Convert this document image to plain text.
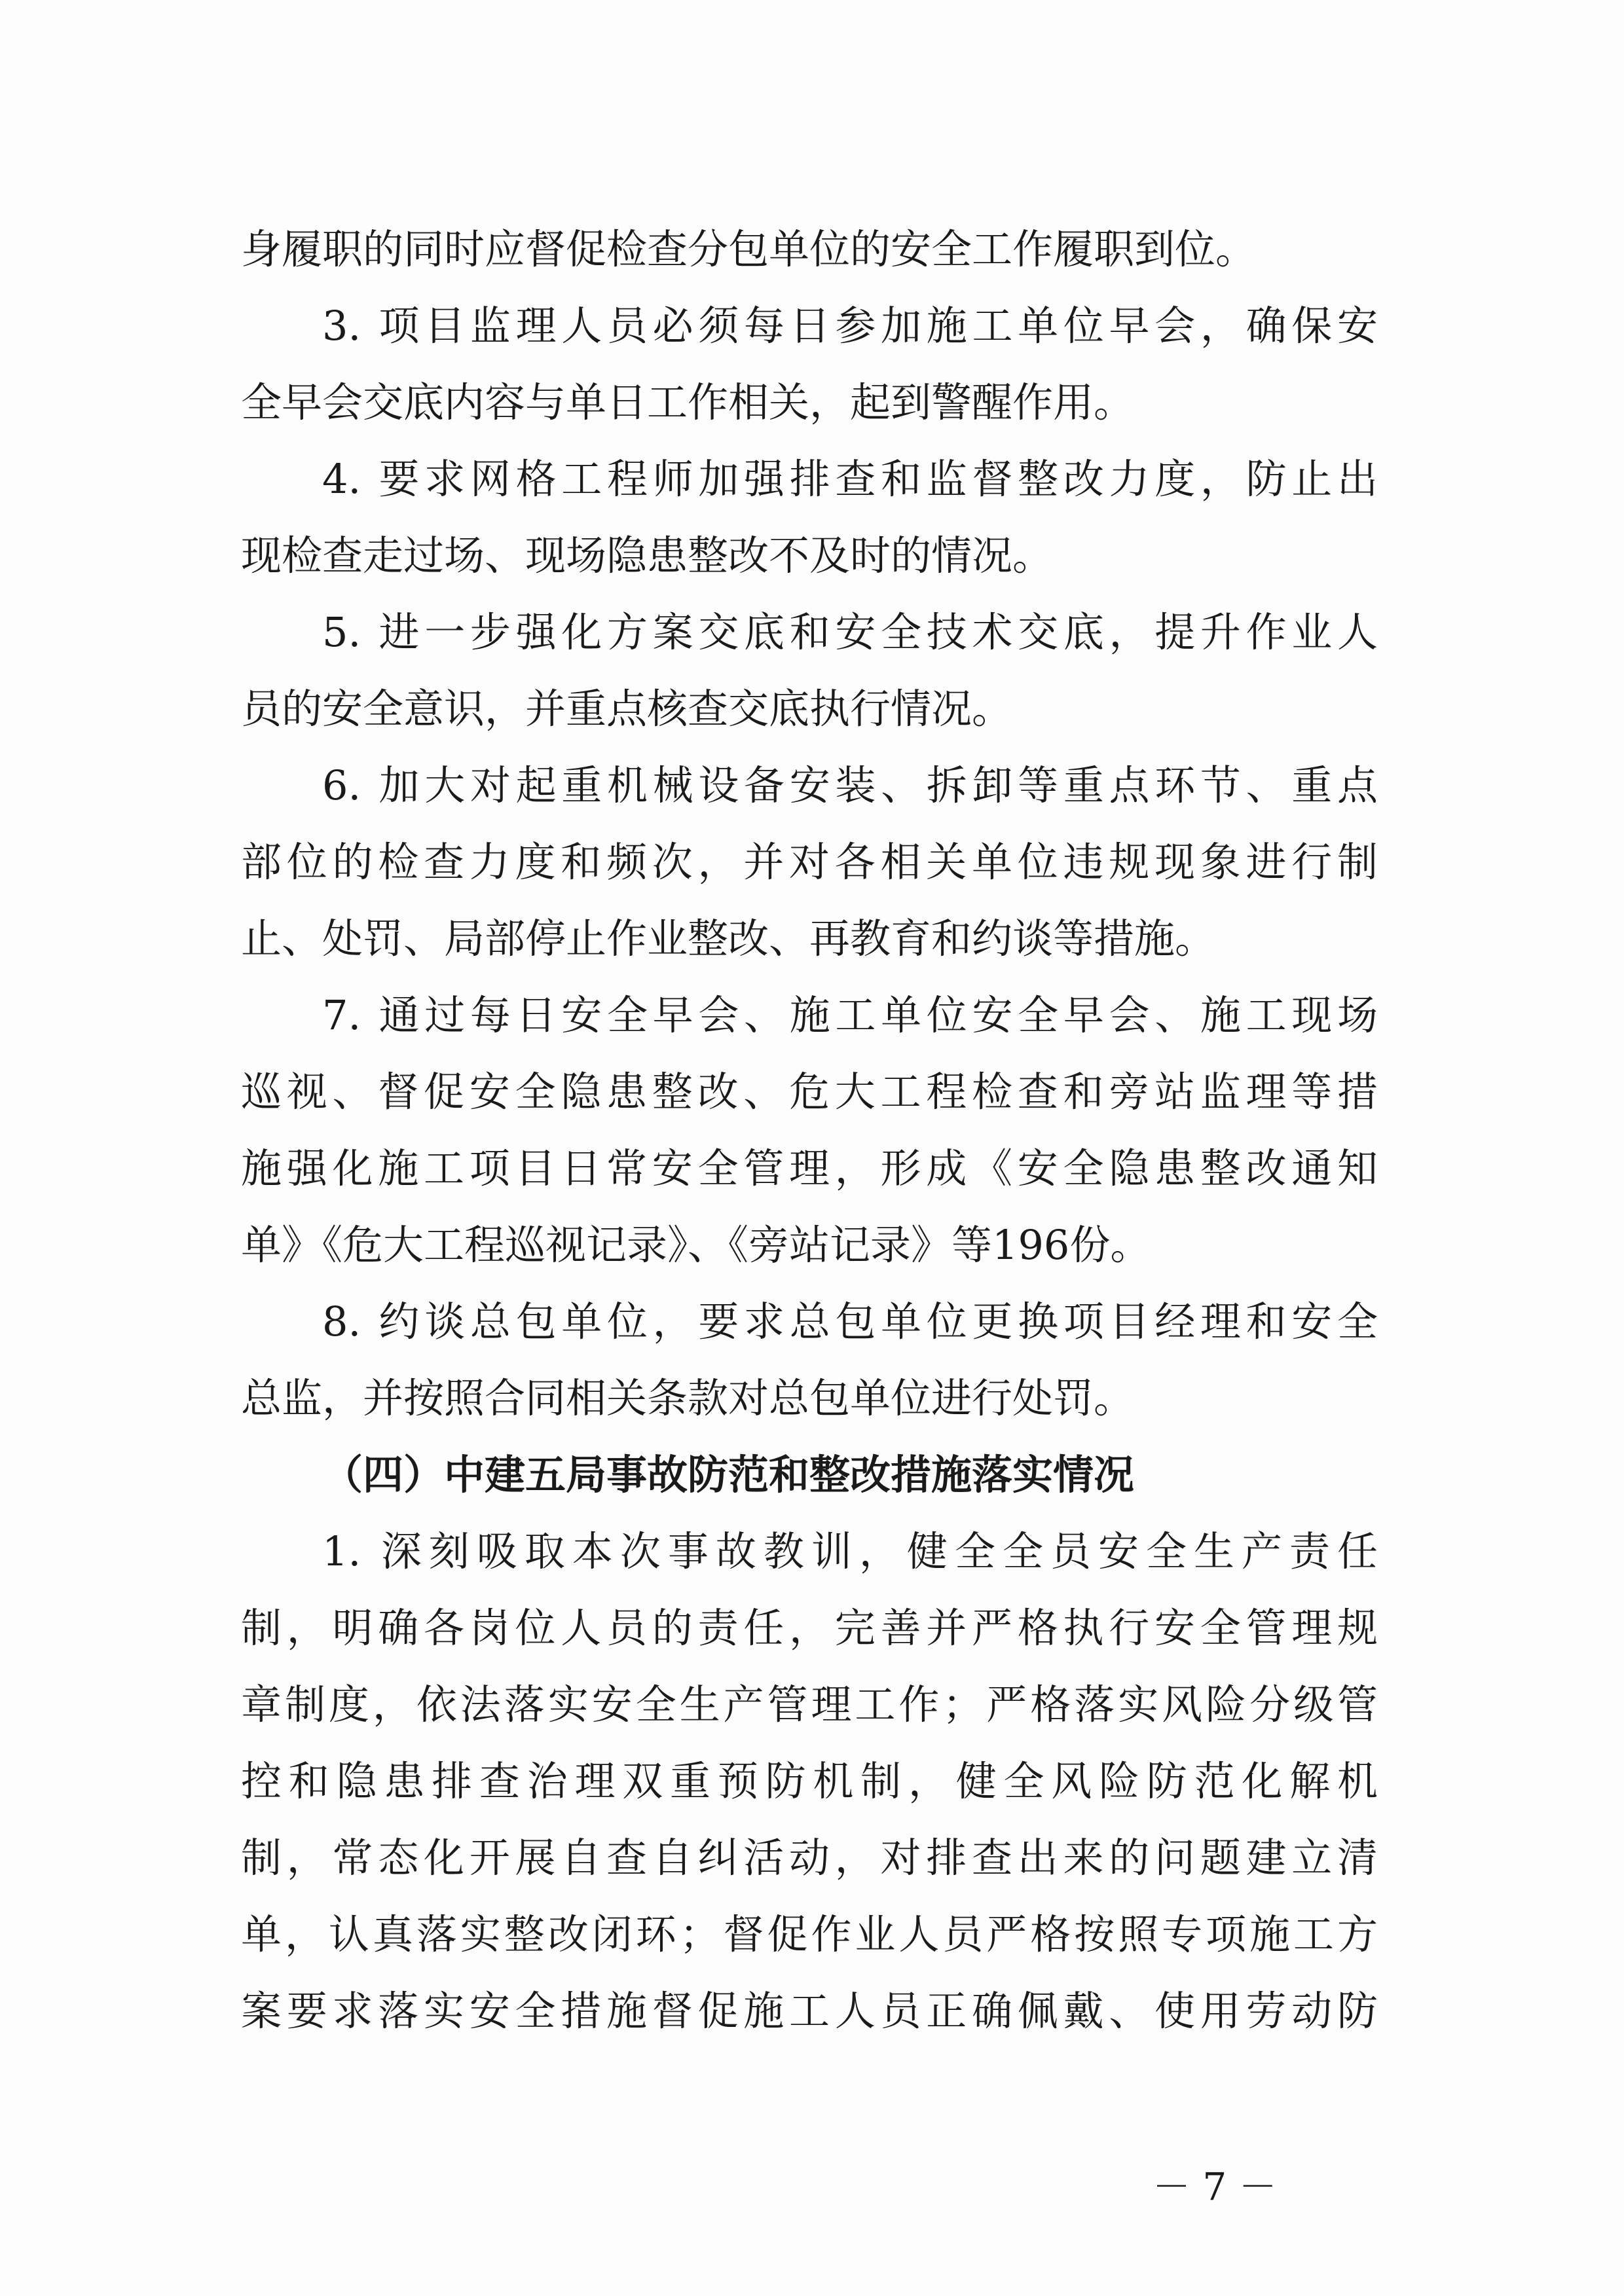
身履职的同时应督促检查分包单位的安全工作履职到位。
3. 项目监理人员必须每日参加施工单位早会，确保安
全早会交底内容与单日工作相关，起到警醒作用。
4. 要求网格工程师加强排查和监督整改力度，防止出
现检查走过场、现场隐患整改不及时的情况。
5. 进一步强化方案交底和安全技术交底，提升作业人
员的安全意识，并重点核查交底执行情况。
6. 加大对起重机械设备安装、拆卸等重点环节、重点
部位的检查力度和频次，并对各相关单位违规现象进行制
止、处罚、局部停止作业整改、再教育和约谈等措施。
7. 通过每日安全早会、施工单位安全早会、施工现场
巡视、督促安全隐患整改、危大工程检查和旁站监理等措
施强化施工项目日常安全管理，形成《安全隐患整改通知
单》《危大工程巡视记录》、《旁站记录》等196份。
8. 约谈总包单位，要求总包单位更换项目经理和安全
总监，并按照合同相关条款对总包单位进行处罚。
（四）中建五局事故防范和整改措施落实情况
1. 深刻吸取本次事故教训，健全全员安全生产责任
制，明确各岗位人员的责任，完善并严格执行安全管理规
章制度，依法落实安全生产管理工作；严格落实风险分级管
控和隐患排查治理双重预防机制，健全风险防范化解机
制，常态化开展自查自纠活动，对排查出来的问题建立清
单，认真落实整改闭环；督促作业人员严格按照专项施工方
案要求落实安全措施督促施工人员正确佩戴、使用劳动防
－ 7 －
